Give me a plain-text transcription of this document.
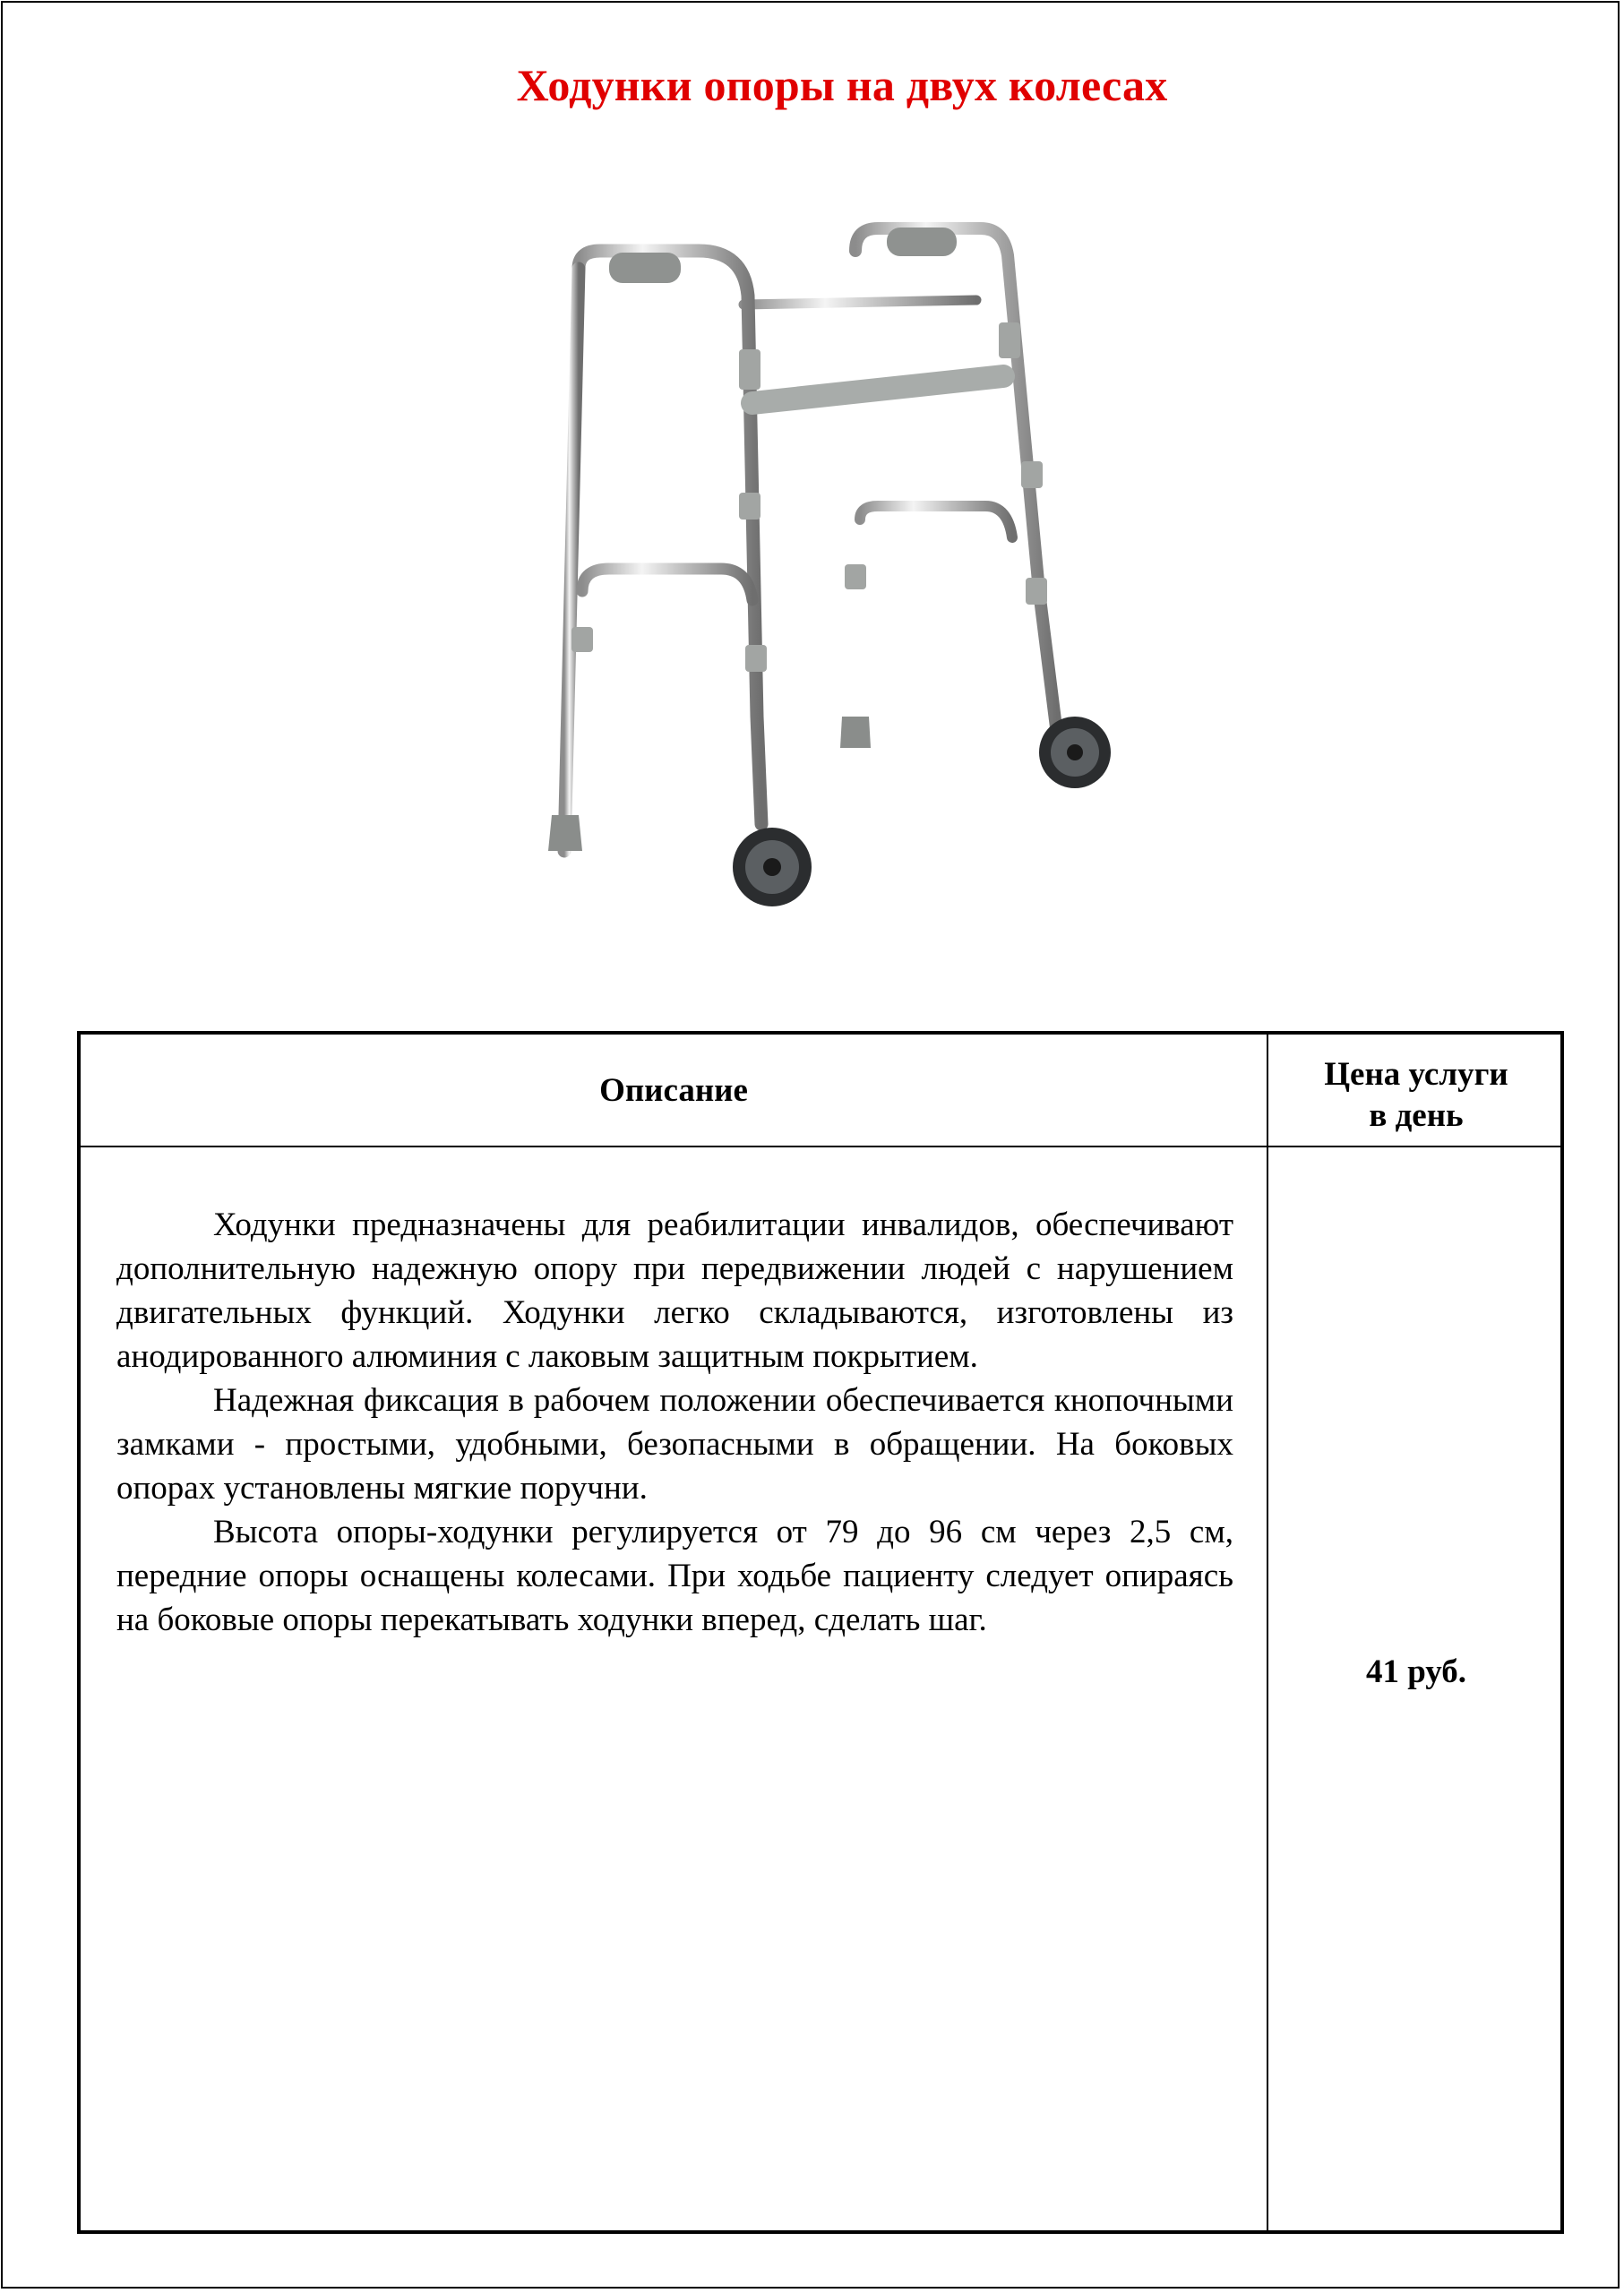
Ходунки опоры на двух колесах
Описание	Цена услуги
в день

Ходунки предназначены для реабилитации инвалидов, обеспечивают дополнительную надежную опору при передвижении людей с нарушением двигательных функций. Ходунки легко складываются, изготовлены из анодированного алюминия с лаковым защитным покрытием.

Надежная фиксация в рабочем положении обеспечивается кнопочными замками - простыми, удобными, безопасными в обращении. На боковых опорах установлены мягкие поручни.

Высота опоры-ходунки регулируется от 79 до 96 см через 2,5 см, передние опоры оснащены колесами. При ходьбе пациенту следует опираясь на боковые опоры перекатывать ходунки вперед, сделать шаг.

41 руб.
